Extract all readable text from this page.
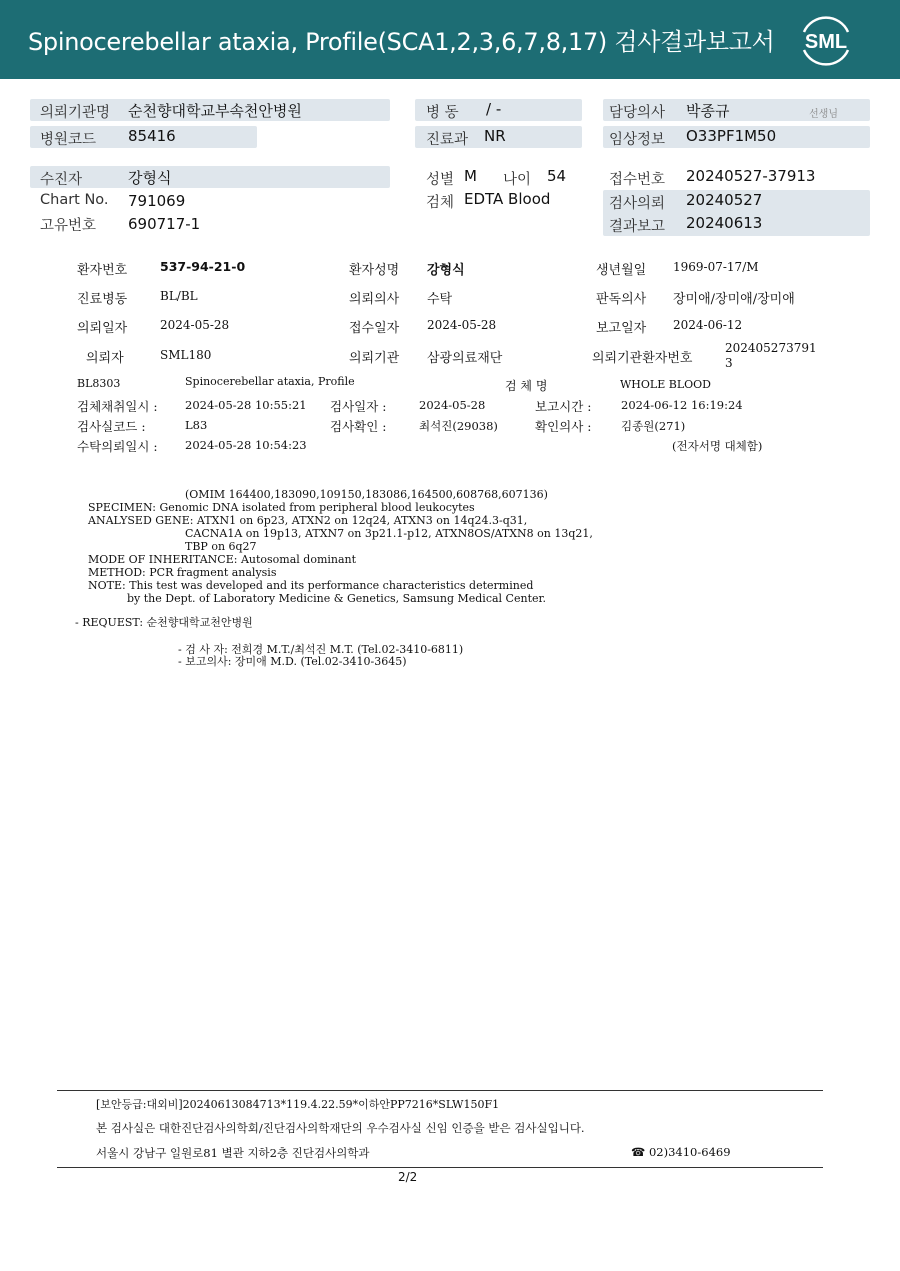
Spinocerebellar ataxia, Profile(SCA1,2,3,6,7,8,17) 검사결과보고서 SML
의뢰기관명 순천향대학교부속천안병원
병원코드 85416
병 동 / -
진료과 NR
담당의사 박종규	선생님
임상정보 O33PF1M50
수진자	강형식
Chart No. 791069
고유번호 690717-1
성별 M 나이 54
검체 EDTA Blood
접수번호 20240527-37913
검사의뢰 20240527
결과보고 20240613
환자번호	537-94-21-0	환자성명 강형식	생년월일 1969-07-17/M
진료병동	BL/BL	의뢰의사 수탁	판독의사 장미애/장미애/장미애
의뢰일자	2024-05-28	접수일자 2024-05-28	보고일자 2024-06-12
의뢰자	SML180	의뢰기관 삼광의료재단	의뢰기관환자번호
202405273791
3
BL8303	Spinocerebellar ataxia, Profile	검 체 명	WHOLE BLOOD
검체채취일시 : 2024-05-28 10:55:21 검사일자 :	2024-05-28	보고시간 :	2024-06-12 16:19:24
검사실코드 :	L83	검사확인 :	최석진(29038)	확인의사 :	김종원(271)
수탁의뢰일시 : 2024-05-28 10:54:23	(전자서명 대체함)
(OMIM 164400,183090,109150,183086,164500,608768,607136)
SPECIMEN: Genomic DNA isolated from peripheral blood leukocytes
ANALYSED GENE: ATXN1 on 6p23, ATXN2 on 12q24, ATXN3 on 14q24.3-q31,
CACNA1A on 19p13, ATXN7 on 3p21.1-p12, ATXN8OS/ATXN8 on 13q21,
TBP on 6q27
MODE OF INHERITANCE: Autosomal dominant
METHOD: PCR fragment analysis
NOTE: This test was developed and its performance characteristics determined
by the Dept. of Laboratory Medicine & Genetics, Samsung Medical Center.
- REQUEST: 순천향대학교천안병원
- 검 사 자: 전희경 M.T./최석진 M.T. (Tel.02-3410-6811)
- 보고의사: 장미애 M.D. (Tel.02-3410-3645)
[보안등급:대외비]20240613084713*119.4.22.59*이하안PP7216*SLW150F1
본 검사실은 대한진단검사의학회/진단검사의학재단의 우수검사실 신임 인증을 받은 검사실입니다.
서울시 강남구 일원로81 별관 지하2층 진단검사의학과	☎ 02)3410-6469
2/2
